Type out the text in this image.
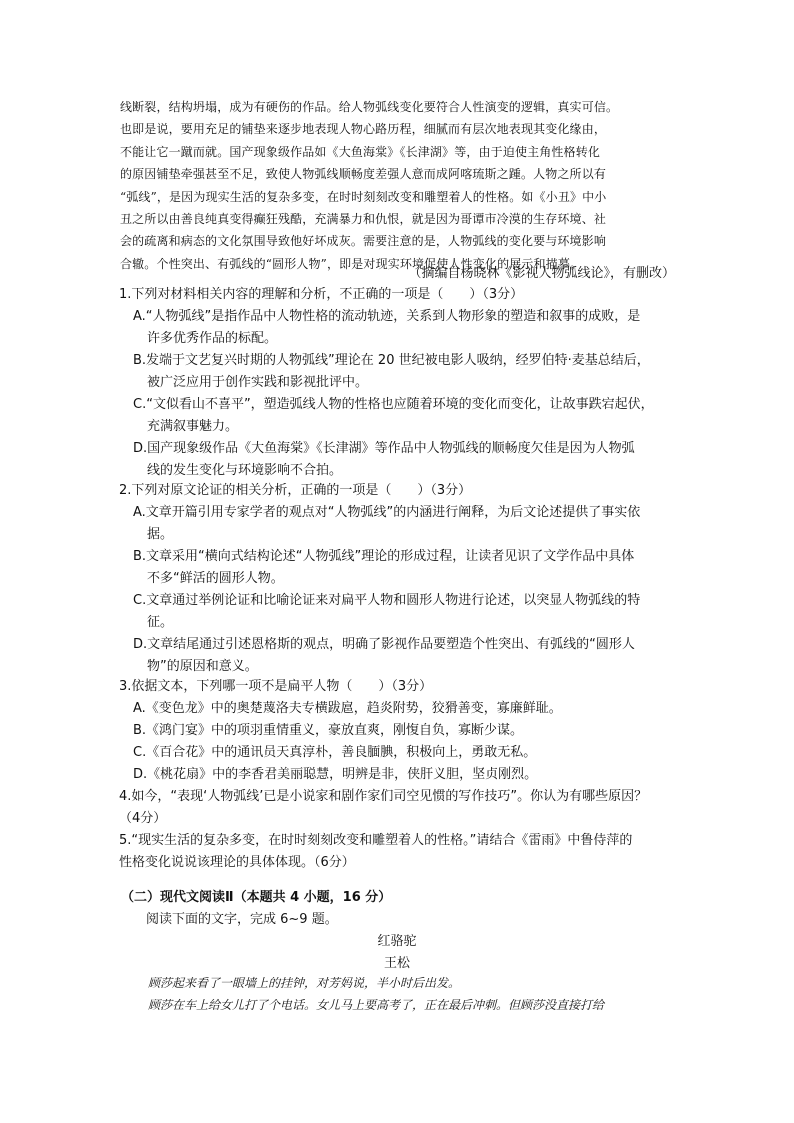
线断裂，结构坍塌，成为有硬伤的作品。给人物弧线变化要符合人性演变的逻辑，真实可信。
也即是说，要用充足的铺垫来逐步地表现人物心路历程，细腻而有层次地表现其变化缘由，
不能让它一蹴而就。国产现象级作品如《大鱼海棠》《长津湖》等，由于迫使主角性格转化
的原因铺垫牵强甚至不足，致使人物弧线顺畅度差强人意而成阿喀琉斯之踵。人物之所以有
“弧线”，是因为现实生活的复杂多变，在时时刻刻改变和雕塑着人的性格。如《小丑》中小
丑之所以由善良纯真变得癫狂残酷，充满暴力和仇恨，就是因为哥谭市冷漠的生存环境、社
会的疏离和病态的文化氛围导致他好坏成灰。需要注意的是，人物弧线的变化要与环境影响
合辙。个性突出、有弧线的“圆形人物”，即是对现实环境促使人性变化的展示和描摹。
（摘编自杨晓林《影视人物弧线论》，有删改）
1.下列对材料相关内容的理解和分析，不正确的一项是（　　）（3分）
A.“人物弧线”是指作品中人物性格的流动轨迹，关系到人物形象的塑造和叙事的成败，是
许多优秀作品的标配。
B.发端于文艺复兴时期的人物弧线”理论在 20 世纪被电影人吸纳，经罗伯特·麦基总结后，
被广泛应用于创作实践和影视批评中。
C.“文似看山不喜平”，塑造弧线人物的性格也应随着环境的变化而变化，让故事跌宕起伏，
充满叙事魅力。
D.国产现象级作品《大鱼海棠》《长津湖》等作品中人物弧线的顺畅度欠佳是因为人物弧
线的发生变化与环境影响不合拍。
2.下列对原文论证的相关分析，正确的一项是（　　）（3分）
A.文章开篇引用专家学者的观点对“人物弧线”的内涵进行阐释，为后文论述提供了事实依
据。
B.文章采用“横向式结构论述“人物弧线”理论的形成过程，让读者见识了文学作品中具体
不多“鲜活的圆形人物。
C.文章通过举例论证和比喻论证来对扁平人物和圆形人物进行论述，以突显人物弧线的特
征。
D.文章结尾通过引述恩格斯的观点，明确了影视作品要塑造个性突出、有弧线的“圆形人
物”的原因和意义。
3.依据文本，下列哪一项不是扁平人物（　　）（3分）
A.《变色龙》中的奥楚蔑洛夫专横跋扈，趋炎附势，狡猾善变，寡廉鲜耻。
B.《鸿门宴》中的项羽重情重义，豪放直爽，刚愎自负，寡断少谋。
C.《百合花》中的通讯员天真淳朴，善良腼腆，积极向上，勇敢无私。
D.《桃花扇》中的李香君美丽聪慧，明辨是非，侠肝义胆，坚贞刚烈。
4.如今，“表现‘人物弧线’已是小说家和剧作家们司空见惯的写作技巧”。你认为有哪些原因？
（4分）
5.“现实生活的复杂多变，在时时刻刻改变和雕塑着人的性格。”请结合《雷雨》中鲁侍萍的
性格变化说说该理论的具体体现。（6分）
（二）现代文阅读Ⅱ（本题共 4 小题，16 分）
阅读下面的文字，完成 6~9 题。
红骆驼
王松
顾莎起来看了一眼墙上的挂钟，对芳妈说，半小时后出发。
顾莎在车上给女儿打了个电话。女儿马上要高考了，正在最后冲刺。但顾莎没直接打给
